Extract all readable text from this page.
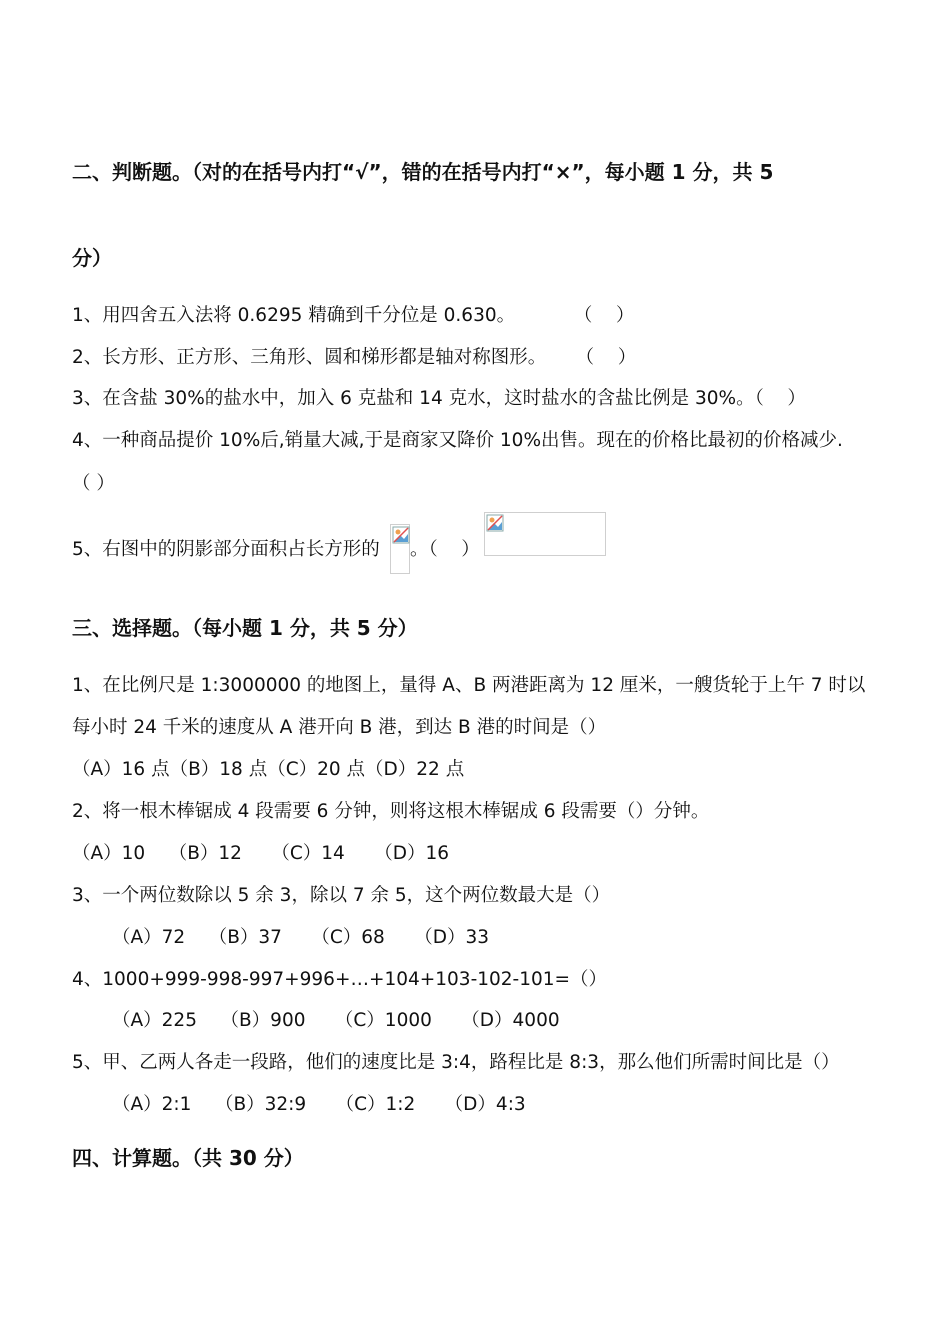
二、判断题。（对的在括号内打“√”，错的在括号内打“×”，每小题 1 分，共 5
分）
1、用四舍五入法将 0.6295 精确到千分位是 0.630。          （    ）
2、长方形、正方形、三角形、圆和梯形都是轴对称图形。     （    ）
3、在含盐 30%的盐水中，加入 6 克盐和 14 克水，这时盐水的含盐比例是 30%。（    ）
4、一种商品提价 10%后,销量大减,于是商家又降价 10%出售。现在的价格比最初的价格减少.
（ ）
5、右图中的阴影部分面积占长方形的 。（    ）
三、选择题。（每小题 1 分，共 5 分）
1、在比例尺是 1:3000000 的地图上，量得 A、B 两港距离为 12 厘米，一艘货轮于上午 7 时以
每小时 24 千米的速度从 A 港开向 B 港，到达 B 港的时间是（）
（A）16 点（B）18 点（C）20 点（D）22 点
2、将一根木棒锯成 4 段需要 6 分钟，则将这根木棒锯成 6 段需要（）分钟。
（A）10    （B）12     （C）14     （D）16
3、一个两位数除以 5 余 3，除以 7 余 5，这个两位数最大是（）
（A）72    （B）37     （C）68     （D）33
4、1000+999-998-997+996+…+104+103-102-101=（）
（A）225    （B）900     （C）1000     （D）4000
5、甲、乙两人各走一段路，他们的速度比是 3:4，路程比是 8:3，那么他们所需时间比是（）
（A）2:1    （B）32:9     （C）1:2     （D）4:3
四、计算题。（共 30 分）
